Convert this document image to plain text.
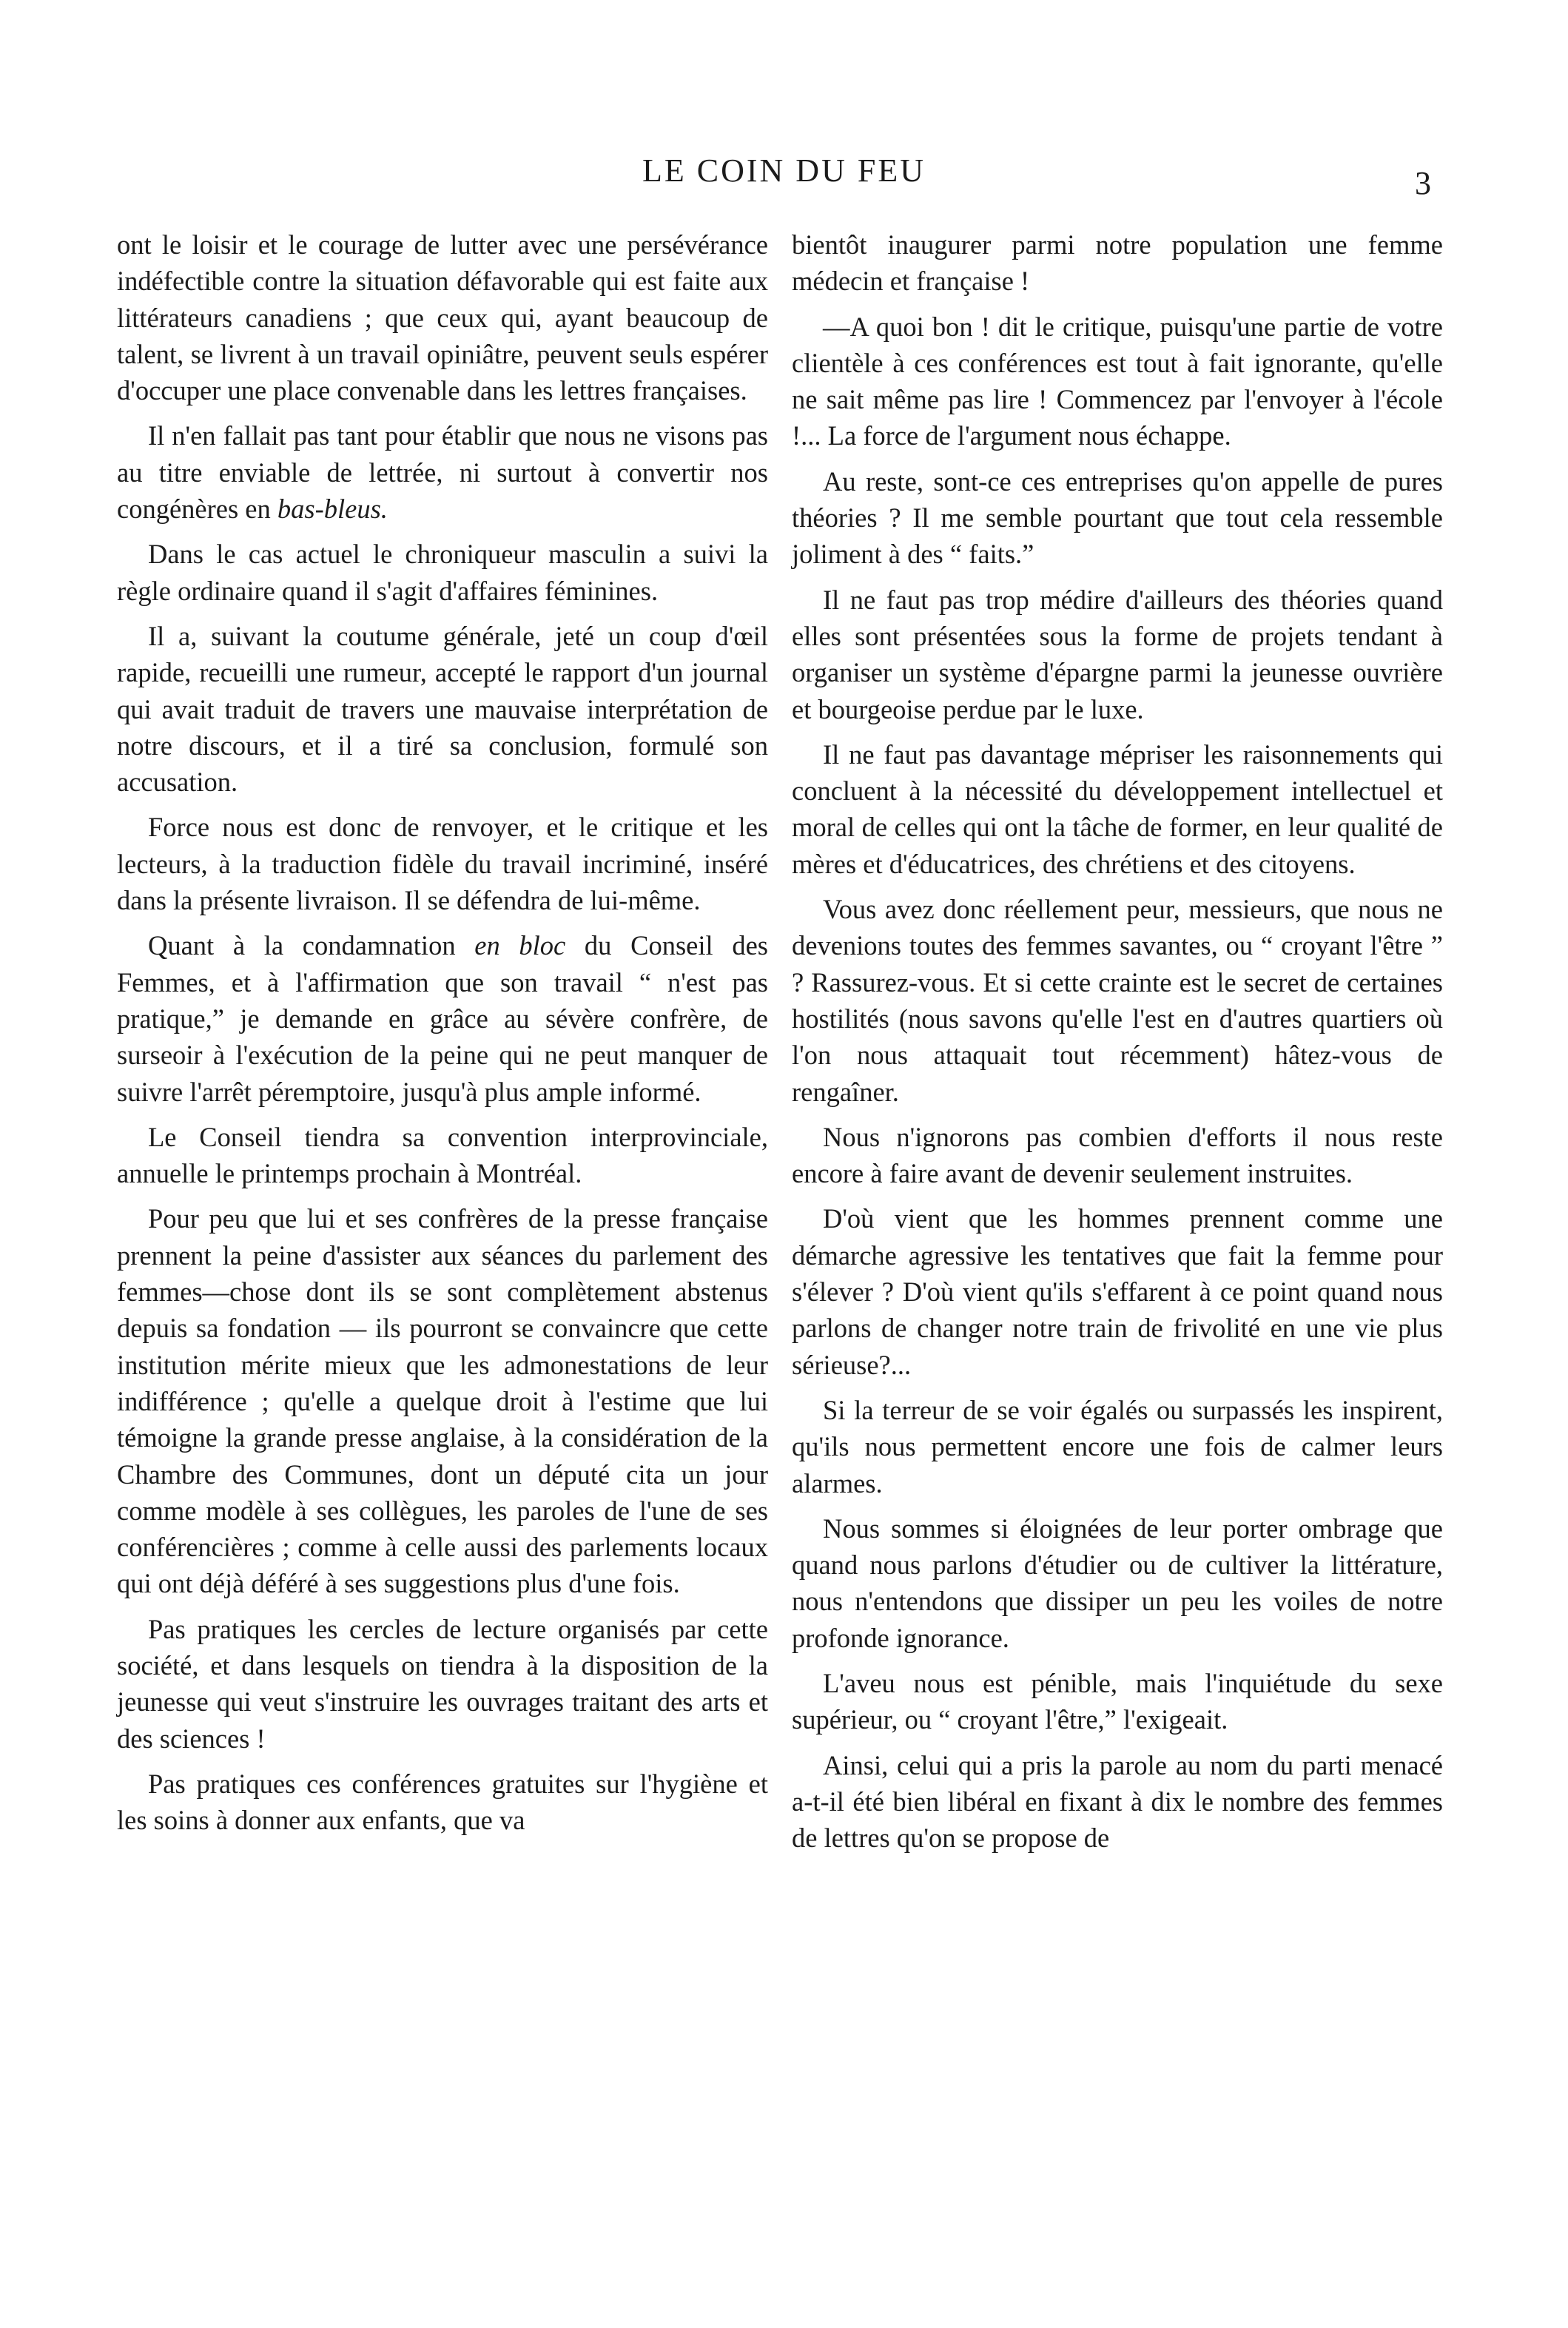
LE COIN DU FEU	3

ont le loisir et le courage de lutter avec une persévérance indéfectible contre la situation défavorable qui est faite aux littérateurs canadiens ; que ceux qui, ayant beaucoup de talent, se livrent à un travail opiniâtre, peuvent seuls espérer d'occuper une place convenable dans les lettres françaises.

Il n'en fallait pas tant pour établir que nous ne visons pas au titre enviable de lettrée, ni surtout à convertir nos congénères en bas-bleus.

Dans le cas actuel le chroniqueur masculin a suivi la règle ordinaire quand il s'agit d'affaires féminines.

Il a, suivant la coutume générale, jeté un coup d'œil rapide, recueilli une rumeur, accepté le rapport d'un journal qui avait traduit de travers une mauvaise interprétation de notre discours, et il a tiré sa conclusion, formulé son accusation.

Force nous est donc de renvoyer, et le critique et les lecteurs, à la traduction fidèle du travail incriminé, inséré dans la présente livraison. Il se défendra de lui-même.

Quant à la condamnation en bloc du Conseil des Femmes, et à l'affirmation que son travail “ n'est pas pratique,” je demande en grâce au sévère confrère, de surseoir à l'exécution de la peine qui ne peut manquer de suivre l'arrêt péremptoire, jusqu'à plus ample informé.

Le Conseil tiendra sa convention interprovinciale, annuelle le printemps prochain à Montréal.

Pour peu que lui et ses confrères de la presse française prennent la peine d'assister aux séances du parlement des femmes—chose dont ils se sont complètement abstenus depuis sa fondation — ils pourront se convaincre que cette institution mérite mieux que les admonestations de leur indifférence ; qu'elle a quelque droit à l'estime que lui témoigne la grande presse anglaise, à la considération de la Chambre des Communes, dont un député cita un jour comme modèle à ses collègues, les paroles de l'une de ses conférencières ; comme à celle aussi des parlements locaux qui ont déjà déféré à ses suggestions plus d'une fois.

Pas pratiques les cercles de lecture organisés par cette société, et dans lesquels on tiendra à la disposition de la jeunesse qui veut s'instruire les ouvrages traitant des arts et des sciences !

Pas pratiques ces conférences gratuites sur l'hygiène et les soins à donner aux enfants, que va

bientôt inaugurer parmi notre population une femme médecin et française !

—A quoi bon ! dit le critique, puisqu'une partie de votre clientèle à ces conférences est tout à fait ignorante, qu'elle ne sait même pas lire ! Commencez par l'envoyer à l'école !... La force de l'argument nous échappe.

Au reste, sont-ce ces entreprises qu'on appelle de pures théories ? Il me semble pourtant que tout cela ressemble joliment à des “ faits.”

Il ne faut pas trop médire d'ailleurs des théories quand elles sont présentées sous la forme de projets tendant à organiser un système d'épargne parmi la jeunesse ouvrière et bourgeoise perdue par le luxe.

Il ne faut pas davantage mépriser les raisonnements qui concluent à la nécessité du développement intellectuel et moral de celles qui ont la tâche de former, en leur qualité de mères et d'éducatrices, des chrétiens et des citoyens.

Vous avez donc réellement peur, messieurs, que nous ne devenions toutes des femmes savantes, ou “ croyant l'être ” ? Rassurez-vous. Et si cette crainte est le secret de certaines hostilités (nous savons qu'elle l'est en d'autres quartiers où l'on nous attaquait tout récemment) hâtez-vous de rengaîner.

Nous n'ignorons pas combien d'efforts il nous reste encore à faire avant de devenir seulement instruites.

D'où vient que les hommes prennent comme une démarche agressive les tentatives que fait la femme pour s'élever ? D'où vient qu'ils s'effarent à ce point quand nous parlons de changer notre train de frivolité en une vie plus sérieuse?...

Si la terreur de se voir égalés ou surpassés les inspirent, qu'ils nous permettent encore une fois de calmer leurs alarmes.

Nous sommes si éloignées de leur porter ombrage que quand nous parlons d'étudier ou de cultiver la littérature, nous n'entendons que dissiper un peu les voiles de notre profonde ignorance.

L'aveu nous est pénible, mais l'inquiétude du sexe supérieur, ou “ croyant l'être,” l'exigeait.

Ainsi, celui qui a pris la parole au nom du parti menacé a-t-il été bien libéral en fixant à dix le nombre des femmes de lettres qu'on se propose de
